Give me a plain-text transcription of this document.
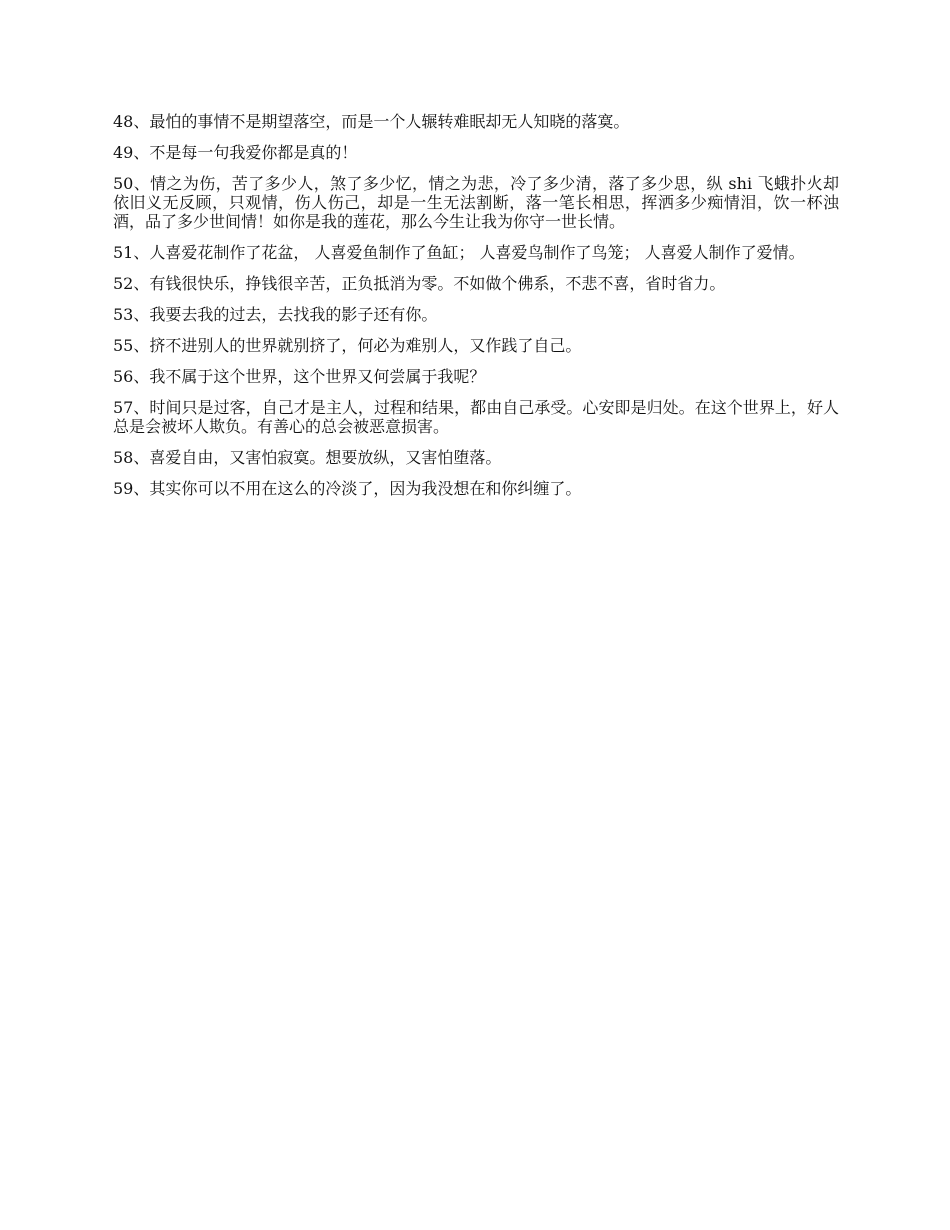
48、最怕的事情不是期望落空，而是一个人辗转难眠却无人知晓的落寞。

49、不是每一句我爱你都是真的！

50、情之为伤，苦了多少人，煞了多少忆，情之为悲，冷了多少清，落了多少思，纵 shi 飞蛾扑火却依旧义无反顾，只观情，伤人伤己，却是一生无法割断，落一笔长相思，挥洒多少痴情泪，饮一杯浊酒，品了多少世间情！如你是我的莲花，那么今生让我为你守一世长情。

51、人喜爱花制作了花盆， 人喜爱鱼制作了鱼缸； 人喜爱鸟制作了鸟笼； 人喜爱人制作了爱情。

52、有钱很快乐，挣钱很辛苦，正负抵消为零。不如做个佛系，不悲不喜，省时省力。

53、我要去我的过去，去找我的影子还有你。

55、挤不进别人的世界就别挤了，何必为难别人，又作践了自己。

56、我不属于这个世界，这个世界又何尝属于我呢？

57、时间只是过客，自己才是主人，过程和结果，都由自己承受。心安即是归处。在这个世界上，好人总是会被坏人欺负。有善心的总会被恶意损害。

58、喜爱自由，又害怕寂寞。想要放纵，又害怕堕落。

59、其实你可以不用在这么的冷淡了，因为我没想在和你纠缠了。
